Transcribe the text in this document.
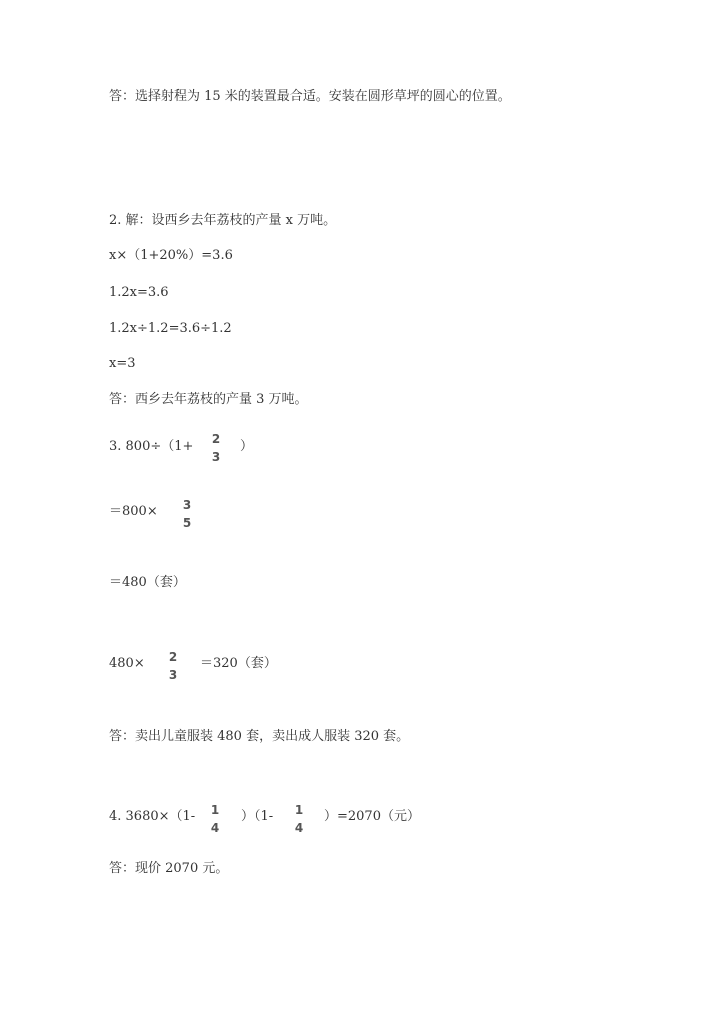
答：选择射程为 15 米的装置最合适。安装在圆形草坪的圆心的位置。
2. 解：设西乡去年荔枝的产量 x 万吨。
x×（1+20%）=3.6
1.2x=3.6
1.2x÷1.2=3.6÷1.2
x=3
答：西乡去年荔枝的产量 3 万吨。
3. 800÷（1+	2
3
）
＝800×	3
5
＝480（套）
480×	2
3
＝320（套）
答：卖出儿童服装 480 套，卖出成人服装 320 套。
4. 3680×（1-	1
4
）（1-	1
4
）=2070（元）
答：现价 2070 元。
